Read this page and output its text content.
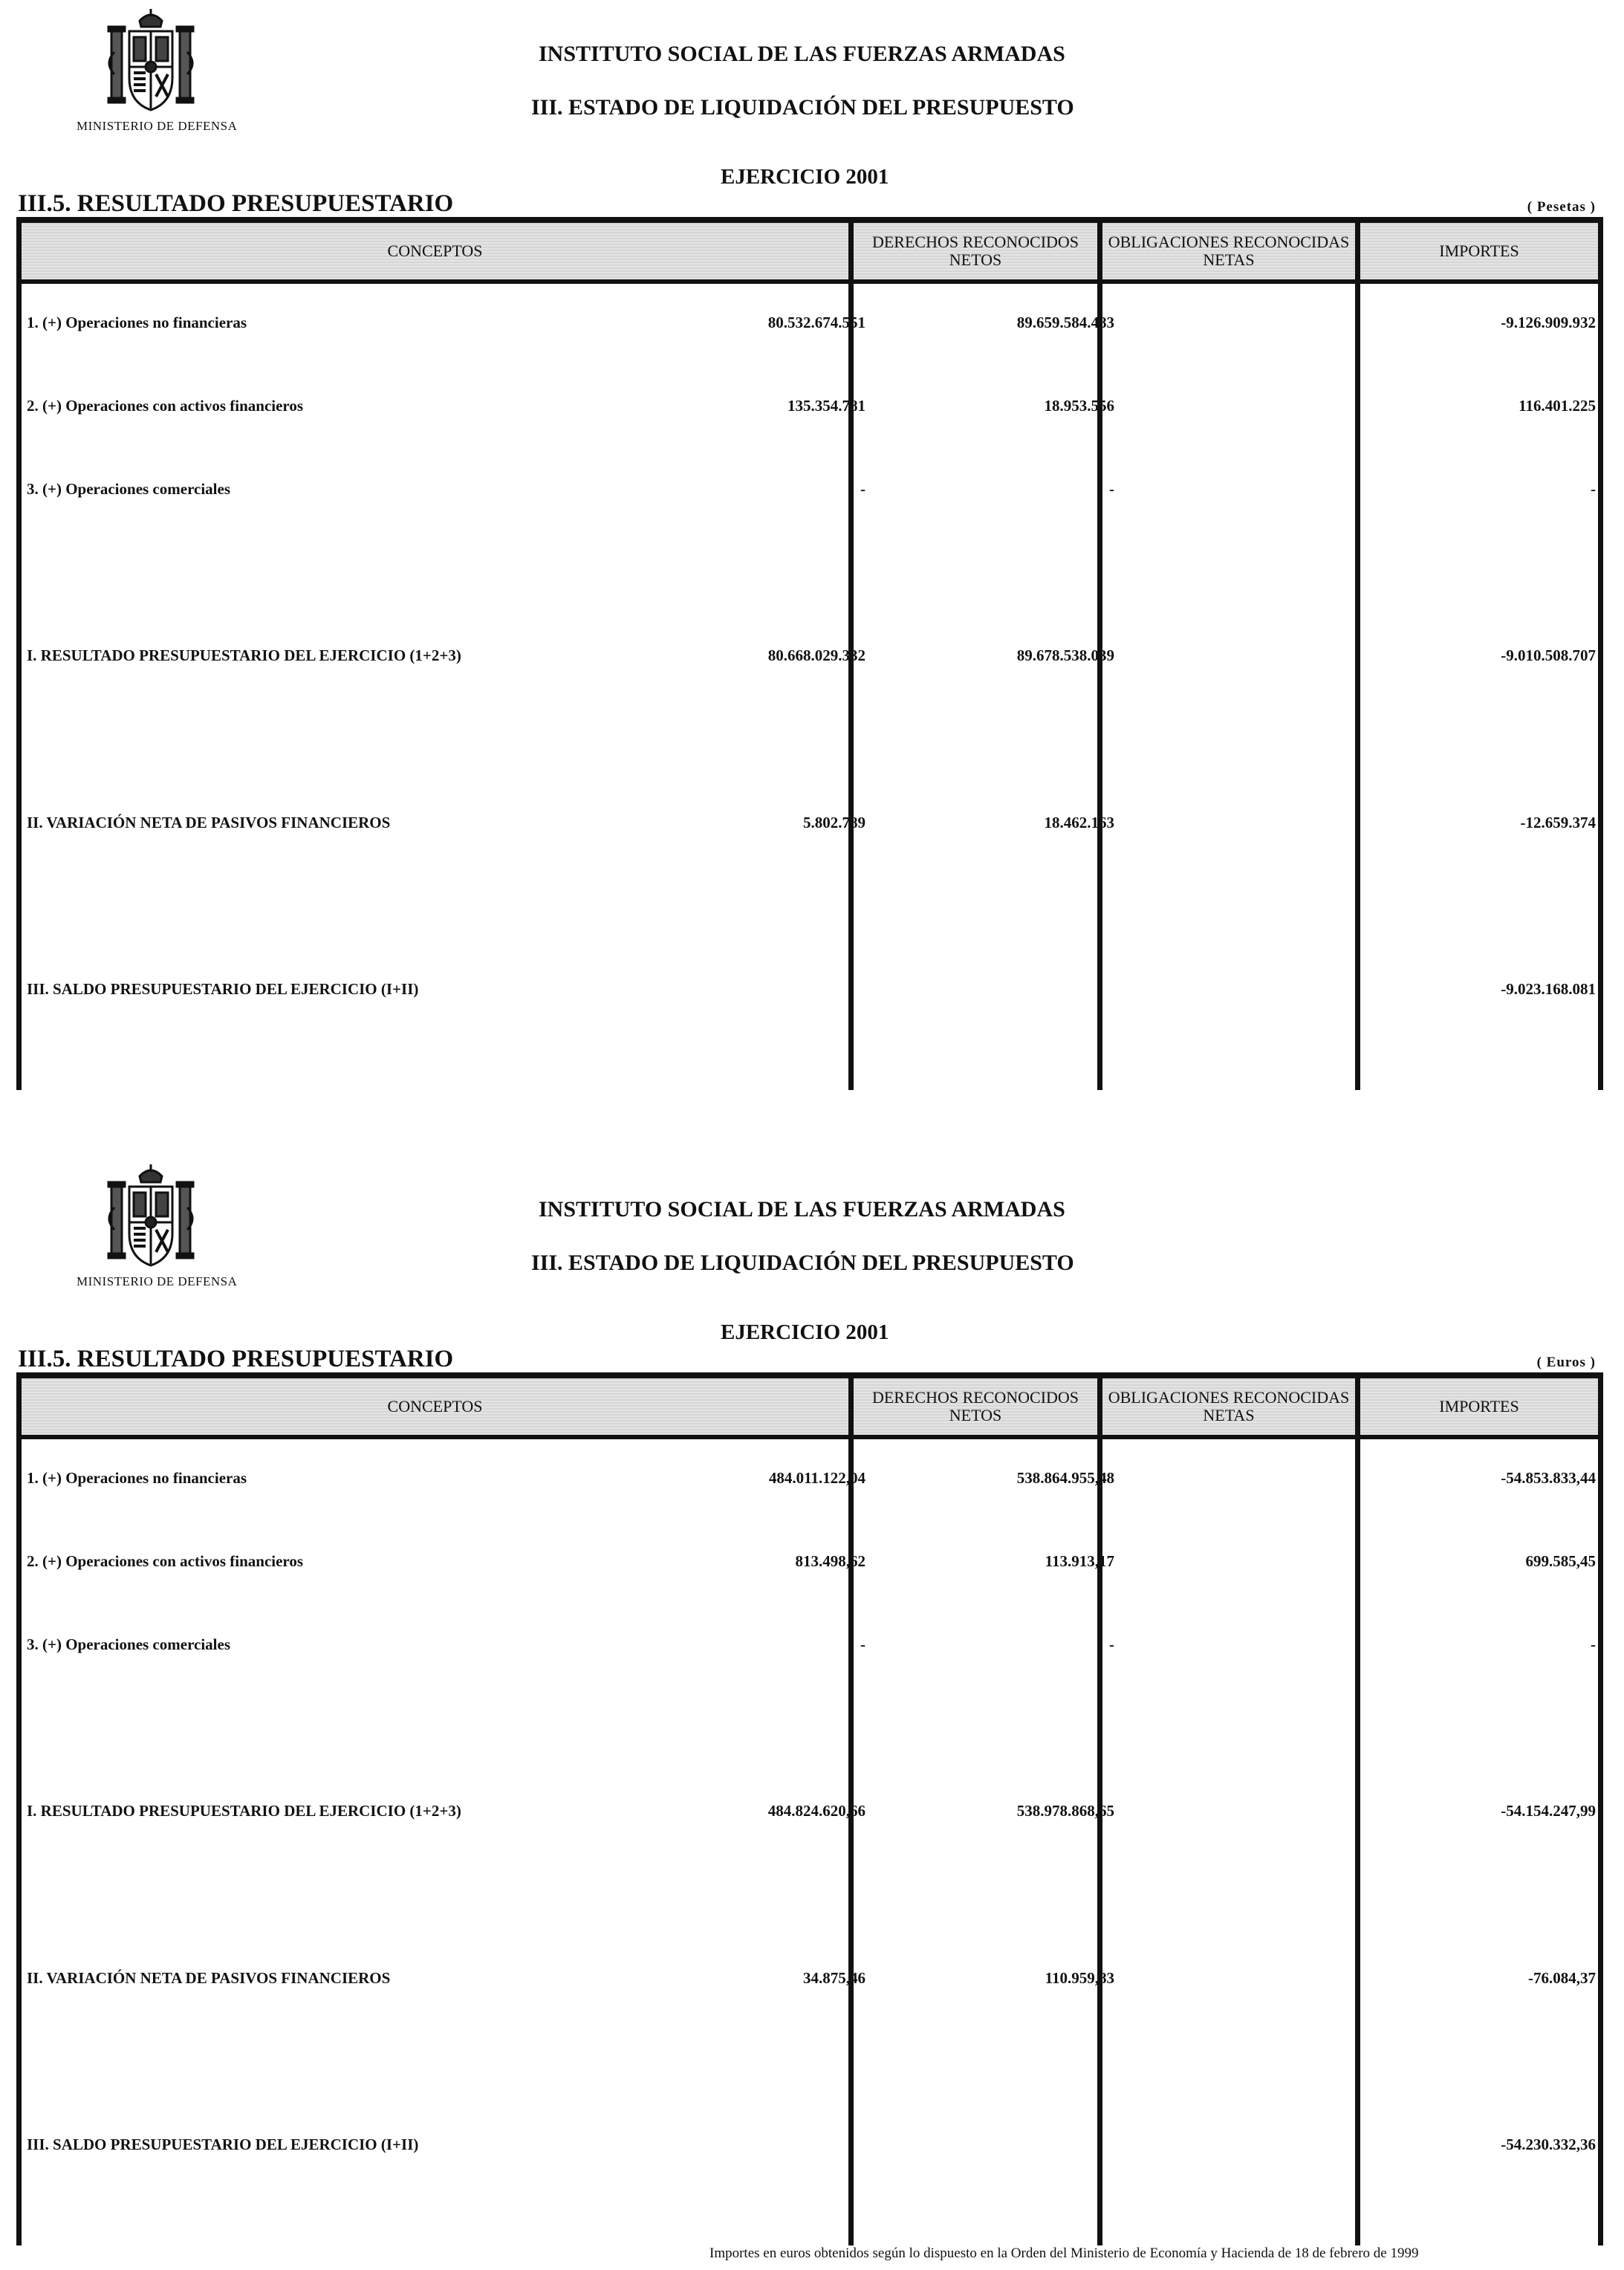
MINISTERIO DE DEFENSA
INSTITUTO SOCIAL DE LAS FUERZAS ARMADAS
III. ESTADO DE LIQUIDACIÓN DEL PRESUPUESTO
EJERCICIO 2001
III.5. RESULTADO PRESUPUESTARIO	( Pesetas )
CONCEPTOS	DERECHOS RECONOCIDOS
NETOS
OBLIGACIONES RECONOCIDAS
NETAS	IMPORTES
1. (+) Operaciones no financieras	80.532.674.551	89.659.584.483	-9.126.909.932
2. (+) Operaciones con activos financieros	135.354.781	18.953.556	116.401.225
3. (+) Operaciones comerciales	-	-	-
I. RESULTADO PRESUPUESTARIO DEL EJERCICIO (1+2+3)	80.668.029.332	89.678.538.039	-9.010.508.707
II. VARIACIÓN NETA DE PASIVOS FINANCIEROS	5.802.789	18.462.163	-12.659.374
III. SALDO PRESUPUESTARIO DEL EJERCICIO (I+II)	-9.023.168.081
MINISTERIO DE DEFENSA
INSTITUTO SOCIAL DE LAS FUERZAS ARMADAS
III. ESTADO DE LIQUIDACIÓN DEL PRESUPUESTO
EJERCICIO 2001
III.5. RESULTADO PRESUPUESTARIO	( Euros )
CONCEPTOS	DERECHOS RECONOCIDOS
NETOS
OBLIGACIONES RECONOCIDAS
NETAS	IMPORTES
1. (+) Operaciones no financieras	484.011.122,04	538.864.955,48	-54.853.833,44
2. (+) Operaciones con activos financieros	813.498,62	113.913,17	699.585,45
3. (+) Operaciones comerciales	-	-	-
I. RESULTADO PRESUPUESTARIO DEL EJERCICIO (1+2+3)	484.824.620,66	538.978.868,65	-54.154.247,99
II. VARIACIÓN NETA DE PASIVOS FINANCIEROS	34.875,46	110.959,83	-76.084,37
III. SALDO PRESUPUESTARIO DEL EJERCICIO (I+II)	-54.230.332,36
Importes en euros obtenidos según lo dispuesto en la Orden del Ministerio de Economía y Hacienda de 18 de febrero de 1999
